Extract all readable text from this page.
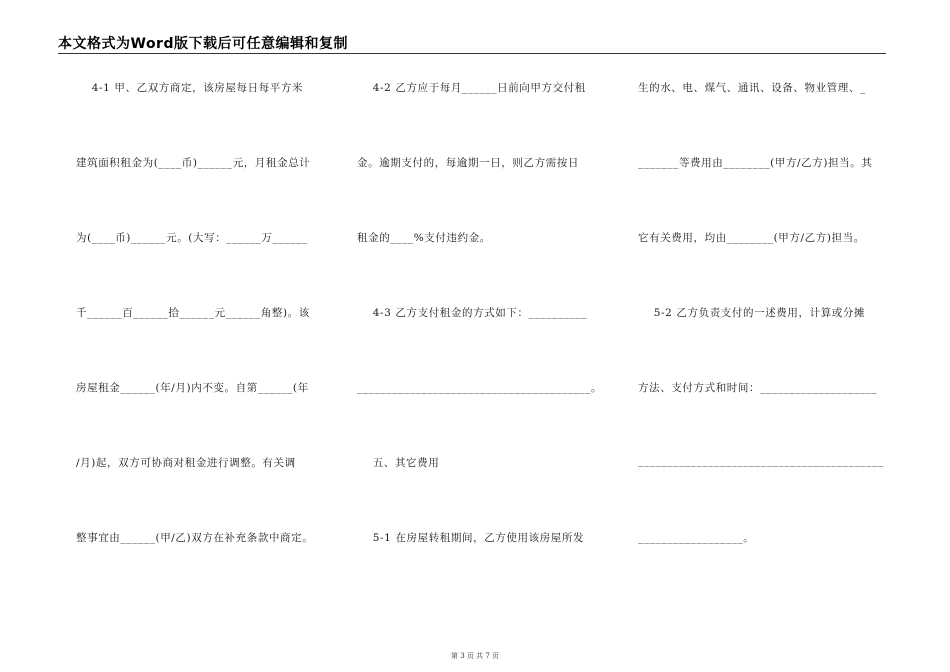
本文格式为Word版下载后可任意编辑和复制
4-1 甲、乙双方商定，该房屋每日每平方米
建筑面积租金为(____币)______元，月租金总计
为(____币)______元。(大写：______万______
千______百______拾______元______角整)。该
房屋租金______(年/月)内不变。自第______(年
/月)起，双方可协商对租金进行调整。有关调
整事宜由______(甲/乙)双方在补充条款中商定。
4-2 乙方应于每月______日前向甲方交付租
金。逾期支付的，每逾期一日，则乙方需按日
租金的____%支付违约金。
4-3 乙方支付租金的方式如下：__________
________________________________________。
五、其它费用
5-1 在房屋转租期间，乙方使用该房屋所发
生的水、电、煤气、通讯、设备、物业管理、_
_______等费用由________(甲方/乙方)担当。其
它有关费用，均由________(甲方/乙方)担当。
5-2 乙方负责支付的一述费用，计算或分摊
方法、支付方式和时间：____________________
__________________________________________
__________________。
第 3 页 共 7 页
